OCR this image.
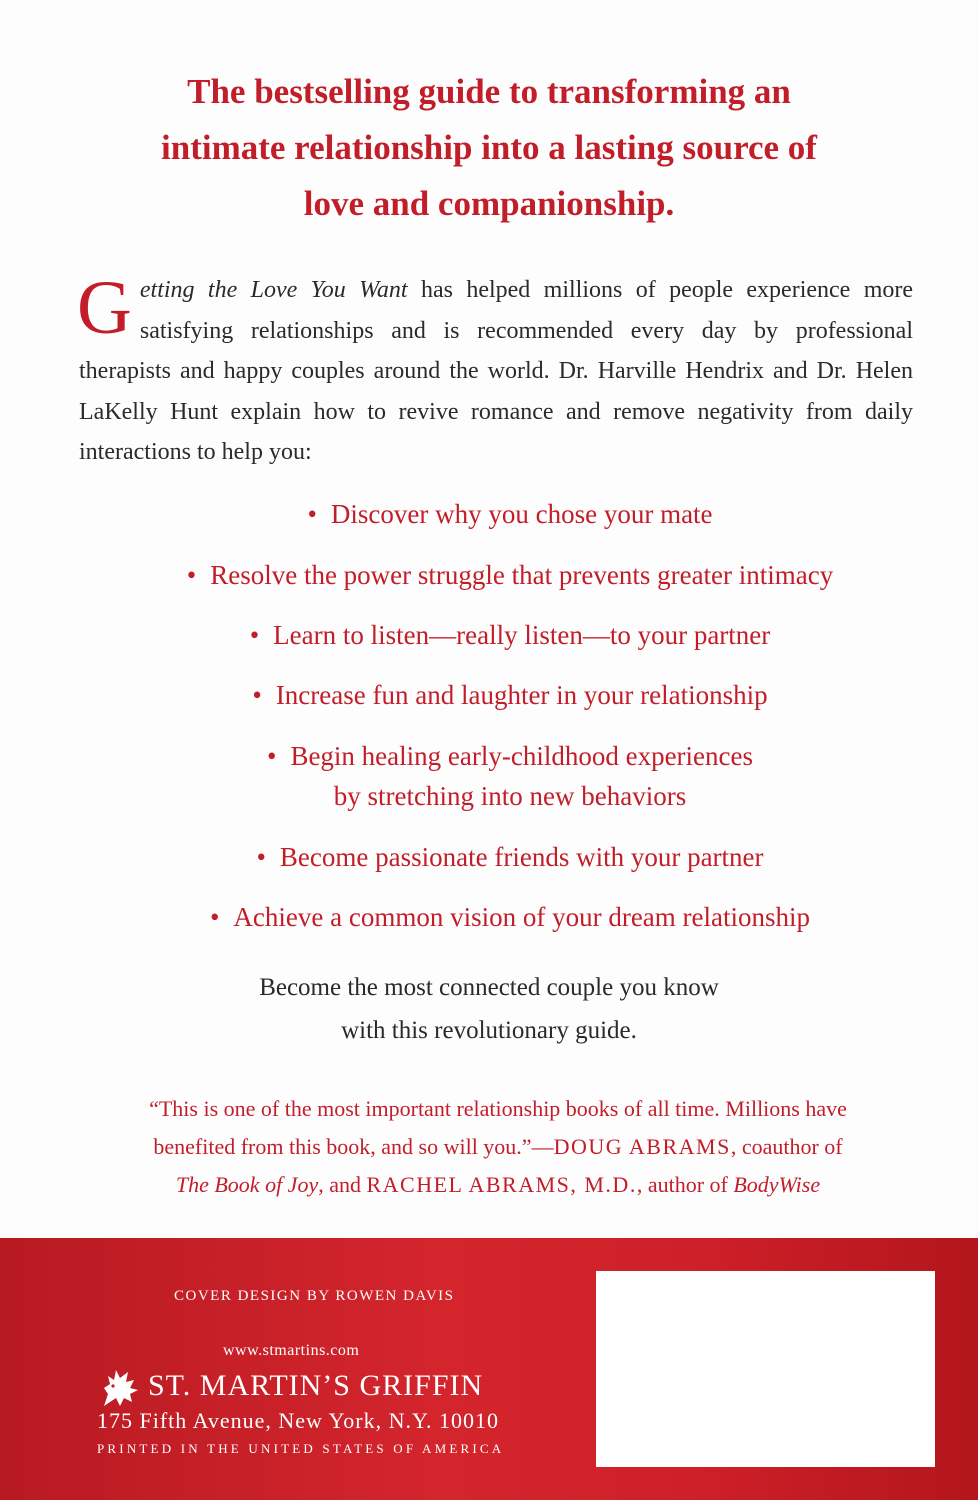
The bestselling guide to transforming an
intimate relationship into a lasting source of
love and companionship.
Getting the Love You Want has helped millions of people experience more satisfying relationships and is recommended every day by professional therapists and happy couples around the world. Dr. Harville Hendrix and Dr. Helen LaKelly Hunt explain how to revive romance and remove negativity from daily interactions to help you:
• Discover why you chose your mate
• Resolve the power struggle that prevents greater intimacy
• Learn to listen—really listen—to your partner
• Increase fun and laughter in your relationship
• Begin healing early-childhood experiences
by stretching into new behaviors
• Become passionate friends with your partner
• Achieve a common vision of your dream relationship
Become the most connected couple you know
with this revolutionary guide.
“This is one of the most important relationship books of all time. Millions have
benefited from this book, and so will you.”—DOUG ABRAMS, coauthor of
The Book of Joy, and RACHEL ABRAMS, M.D., author of BodyWise
COVER DESIGN BY ROWEN DAVIS
www.stmartins.com
ST. MARTIN’S GRIFFIN
175 Fifth Avenue, New York, N.Y. 10010
PRINTED IN THE UNITED STATES OF AMERICA
